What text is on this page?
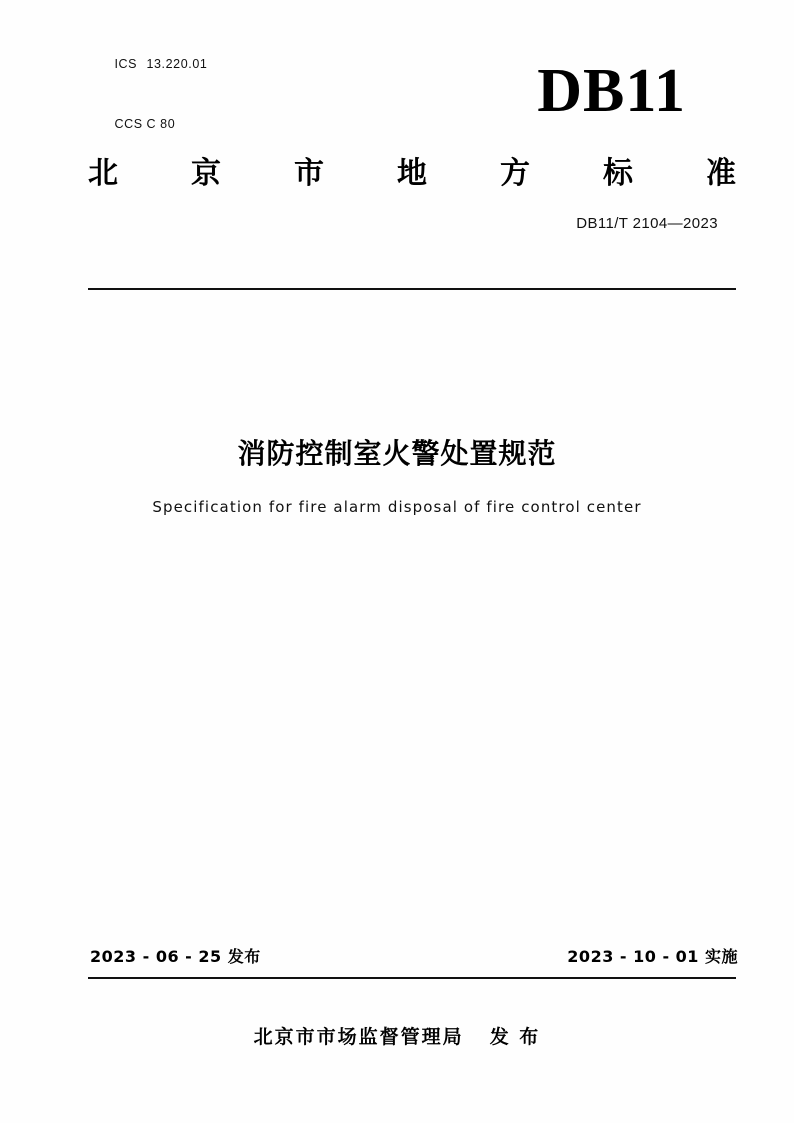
ICS 13.220.01

CCS C 80
	DB11
北 京 市 地 方 标 准
DB11/T 2104—2023
消防控制室火警处置规范
Specification for fire alarm disposal of fire control center
2023 - 06 - 25 发布	2023 - 10 - 01 实施
北京市市场监督管理局 发 布
